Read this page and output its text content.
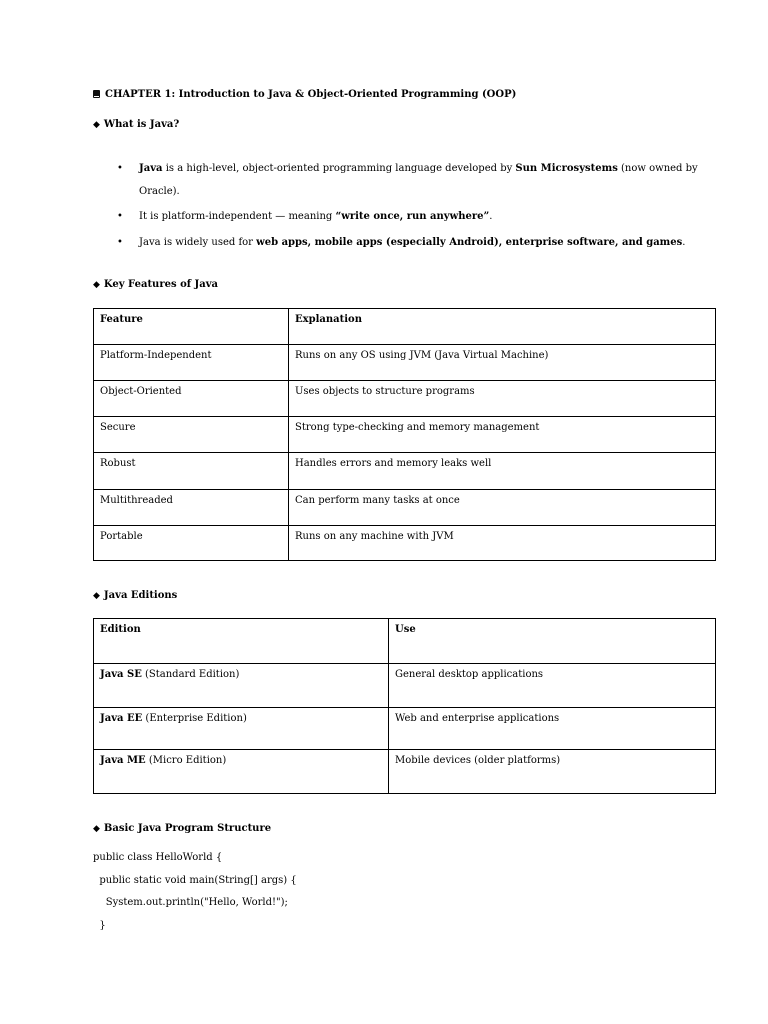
CHAPTER 1: Introduction to Java & Object-Oriented Programming (OOP)
◆ What is Java?
• Java is a high-level, object-oriented programming language developed by Sun Microsystems (now owned by Oracle).
• It is platform-independent — meaning “write once, run anywhere”.
• Java is widely used for web apps, mobile apps (especially Android), enterprise software, and games.
◆ Key Features of Java
Feature	Explanation
Platform-Independent	Runs on any OS using JVM (Java Virtual Machine)
Object-Oriented	Uses objects to structure programs
Secure	Strong type-checking and memory management
Robust	Handles errors and memory leaks well
Multithreaded	Can perform many tasks at once
Portable	Runs on any machine with JVM
◆ Java Editions
Edition	Use
Java SE (Standard Edition)	General desktop applications
Java EE (Enterprise Edition)	Web and enterprise applications
Java ME (Micro Edition)	Mobile devices (older platforms)
◆ Basic Java Program Structure
public class HelloWorld {
public static void main(String[] args) {
System.out.println("Hello, World!");
}
